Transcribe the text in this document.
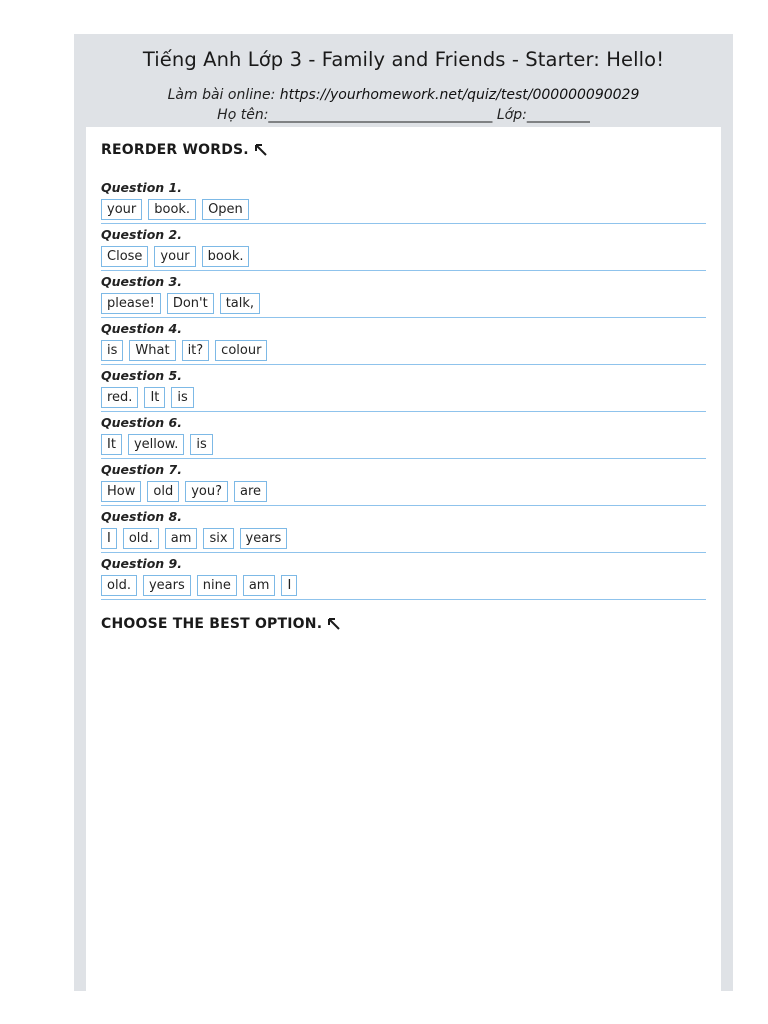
Tiếng Anh Lớp 3 - Family and Friends - Starter: Hello!
Làm bài online: https://yourhomework.net/quiz/test/000000090029
Họ tên:________________________________ Lớp:_________
REORDER WORDS.
Question 1.
your	book.	Open
Question 2.
Close	your	book.
Question 3.
please!	Don't	talk,
Question 4.
is	What	it?	colour
Question 5.
red.	It	is
Question 6.
It	yellow.	is
Question 7.
How	old	you?	are
Question 8.
I	old.	am	six	years
Question 9.
old.	years	nine	am	I
CHOOSE THE BEST OPTION.
